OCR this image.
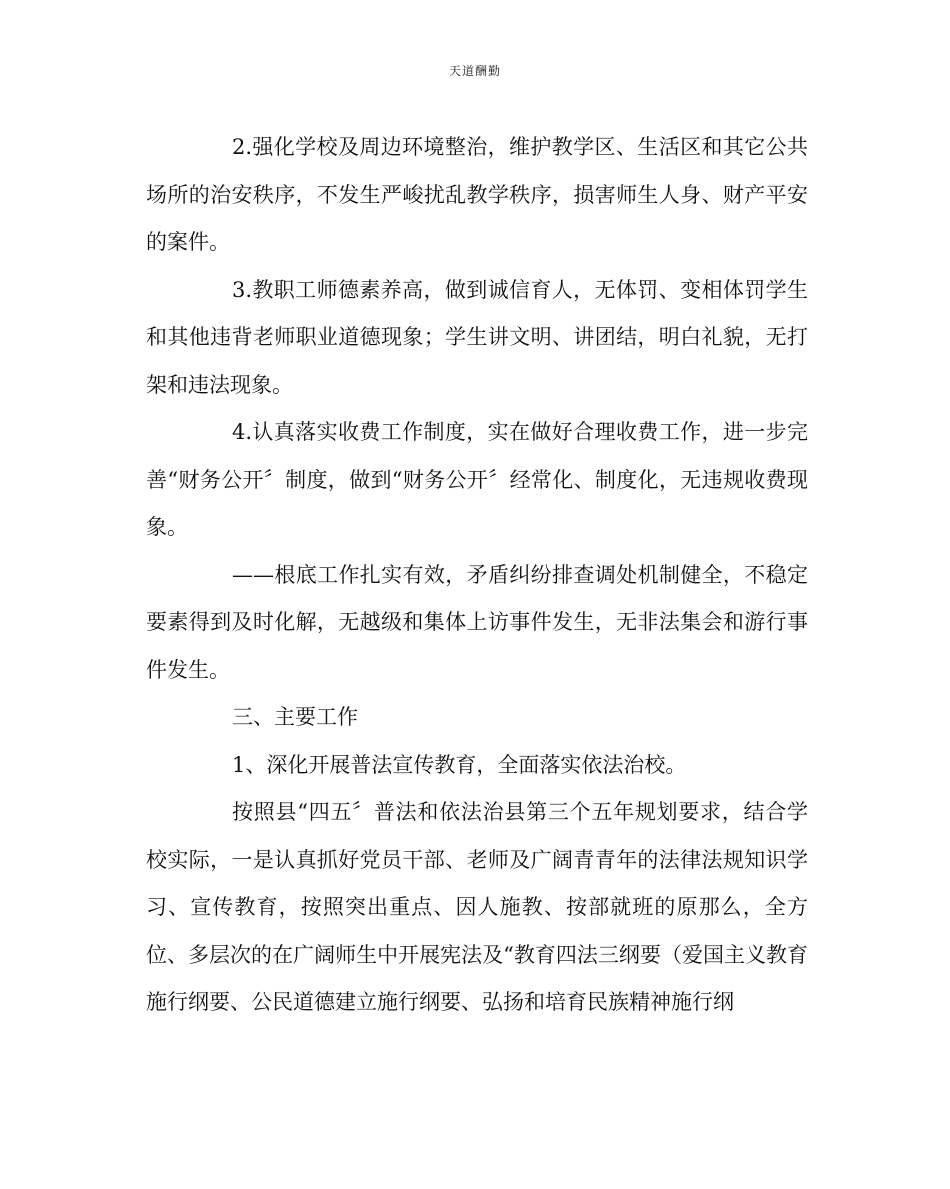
天道酬勤

2.强化学校及周边环境整治，维护教学区、生活区和其它公共场所的治安秩序，不发生严峻扰乱教学秩序，损害师生人身、财产平安的案件。

3.教职工师德素养高，做到诚信育人，无体罚、变相体罚学生和其他违背老师职业道德现象；学生讲文明、讲团结，明白礼貌，无打架和违法现象。

4.认真落实收费工作制度，实在做好合理收费工作，进一步完善“财务公开〞制度，做到“财务公开〞经常化、制度化，无违规收费现象。

——根底工作扎实有效，矛盾纠纷排查调处机制健全，不稳定要素得到及时化解，无越级和集体上访事件发生，无非法集会和游行事件发生。

三、主要工作

1、深化开展普法宣传教育，全面落实依法治校。

按照县“四五〞普法和依法治县第三个五年规划要求，结合学校实际，一是认真抓好党员干部、老师及广阔青青年的法律法规知识学习、宣传教育，按照突出重点、因人施教、按部就班的原那么，全方位、多层次的在广阔师生中开展宪法及“教育四法三纲要（爱国主义教育施行纲要、公民道德建立施行纲要、弘扬和培育民族精神施行纲
